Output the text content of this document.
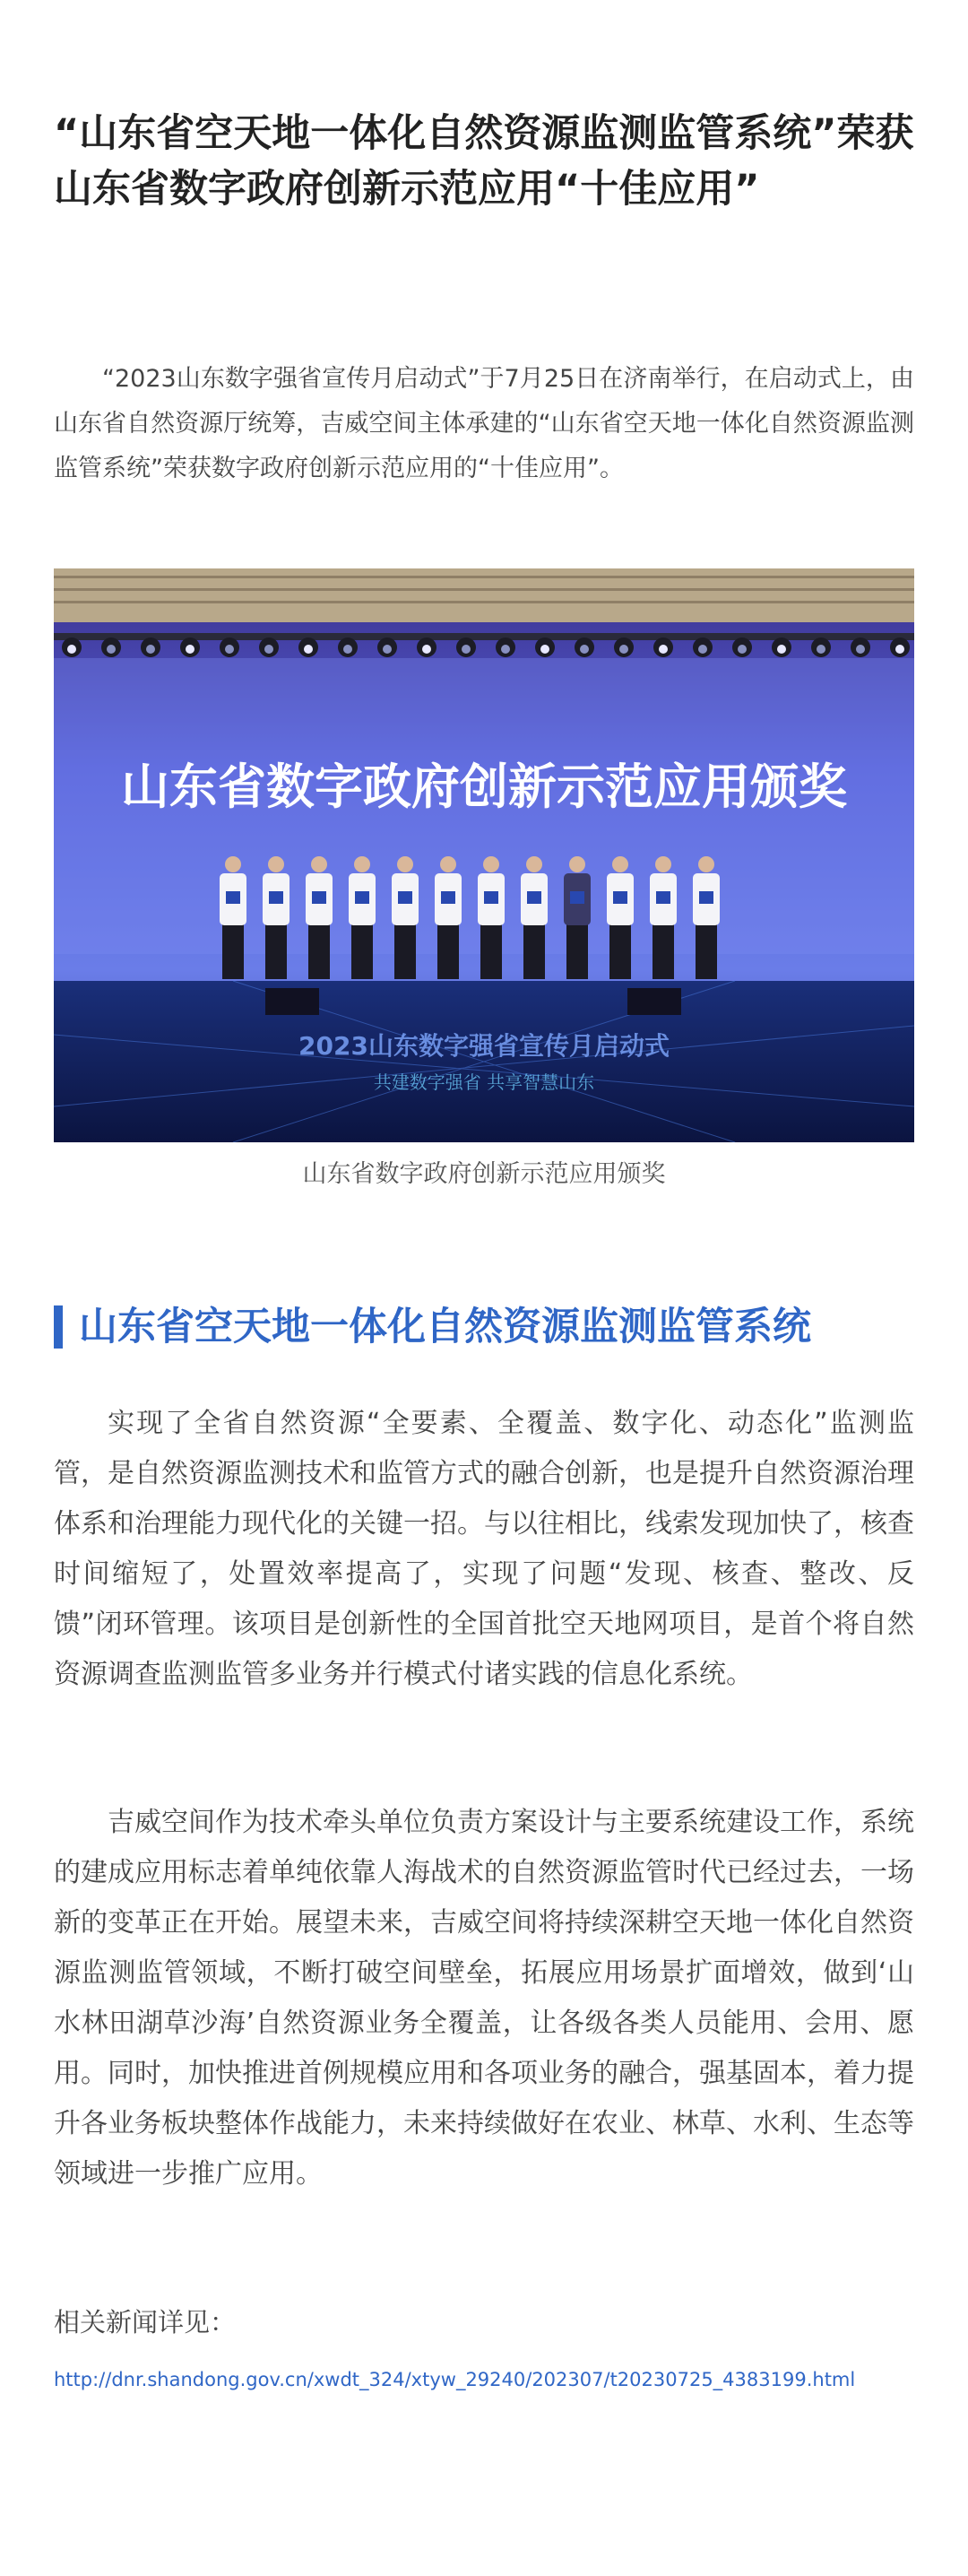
“山东省空天地一体化自然资源监测监管系统”荣获山东省数字政府创新示范应用“十佳应用”

“2023山东数字强省宣传月启动式”于7月25日在济南举行，在启动式上，由山东省自然资源厅统筹，吉威空间主体承建的“山东省空天地一体化自然资源监测监管系统”荣获数字政府创新示范应用的“十佳应用”。

山东省数字政府创新示范应用颁奖
2023山东数字强省宣传月启动式
共建数字强省 共享智慧山东
山东省数字政府创新示范应用颁奖
山东省空天地一体化自然资源监测监管系统

实现了全省自然资源“全要素、全覆盖、数字化、动态化”监测监管，是自然资源监测技术和监管方式的融合创新，也是提升自然资源治理体系和治理能力现代化的关键一招。与以往相比，线索发现加快了，核查时间缩短了，处置效率提高了，实现了问题“发现、核查、整改、反馈”闭环管理。该项目是创新性的全国首批空天地网项目，是首个将自然资源调查监测监管多业务并行模式付诸实践的信息化系统。

吉威空间作为技术牵头单位负责方案设计与主要系统建设工作，系统的建成应用标志着单纯依靠人海战术的自然资源监管时代已经过去，一场新的变革正在开始。展望未来，吉威空间将持续深耕空天地一体化自然资源监测监管领域，不断打破空间壁垒，拓展应用场景扩面增效，做到‘山水林田湖草沙海’自然资源业务全覆盖，让各级各类人员能用、会用、愿用。同时，加快推进首例规模应用和各项业务的融合，强基固本，着力提升各业务板块整体作战能力，未来持续做好在农业、林草、水利、生态等领域进一步推广应用。

相关新闻详见：
http://dnr.shandong.gov.cn/xwdt_324/xtyw_29240/202307/t20230725_4383199.html
